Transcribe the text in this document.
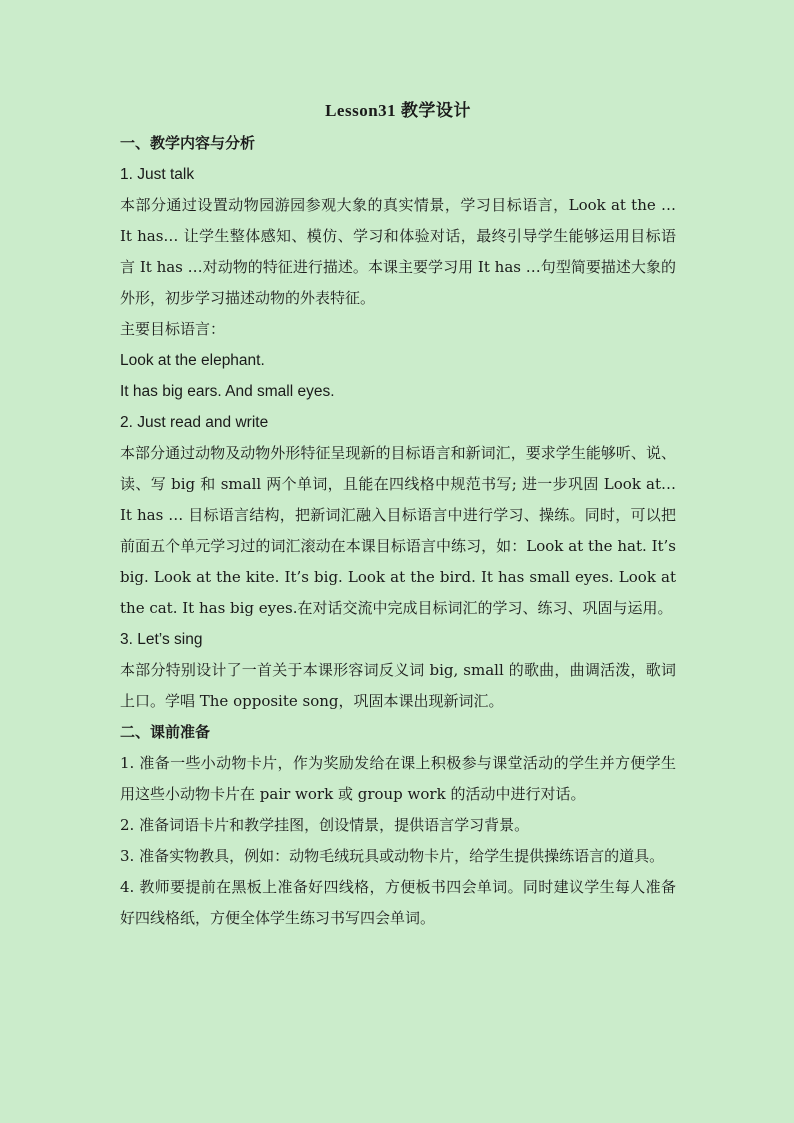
Lesson31 教学设计
一、教学内容与分析
1. Just talk
本部分通过设置动物园游园参观大象的真实情景，学习目标语言，Look at the … It has… 让学生整体感知、模仿、学习和体验对话，最终引导学生能够运用目标语言 It has …对动物的特征进行描述。本课主要学习用 It has …句型简要描述大象的外形，初步学习描述动物的外表特征。
主要目标语言：
Look at the elephant.
It has big ears. And small eyes.
2. Just read and write
本部分通过动物及动物外形特征呈现新的目标语言和新词汇，要求学生能够听、说、读、写 big 和 small 两个单词，且能在四线格中规范书写; 进一步巩固 Look at… It has … 目标语言结构，把新词汇融入目标语言中进行学习、操练。同时，可以把前面五个单元学习过的词汇滚动在本课目标语言中练习，如：Look at the hat. It’s big. Look at the kite. It’s big. Look at the bird. It has small eyes. Look at the cat. It has big eyes.在对话交流中完成目标词汇的学习、练习、巩固与运用。
3. Let’s sing
本部分特别设计了一首关于本课形容词反义词 big, small 的歌曲，曲调活泼，歌词上口。学唱 The opposite song，巩固本课出现新词汇。
二、课前准备
1. 准备一些小动物卡片，作为奖励发给在课上积极参与课堂活动的学生并方便学生用这些小动物卡片在 pair work 或 group work 的活动中进行对话。
2. 准备词语卡片和教学挂图，创设情景，提供语言学习背景。
3. 准备实物教具，例如：动物毛绒玩具或动物卡片，给学生提供操练语言的道具。
4. 教师要提前在黑板上准备好四线格，方便板书四会单词。同时建议学生每人准备好四线格纸，方便全体学生练习书写四会单词。
